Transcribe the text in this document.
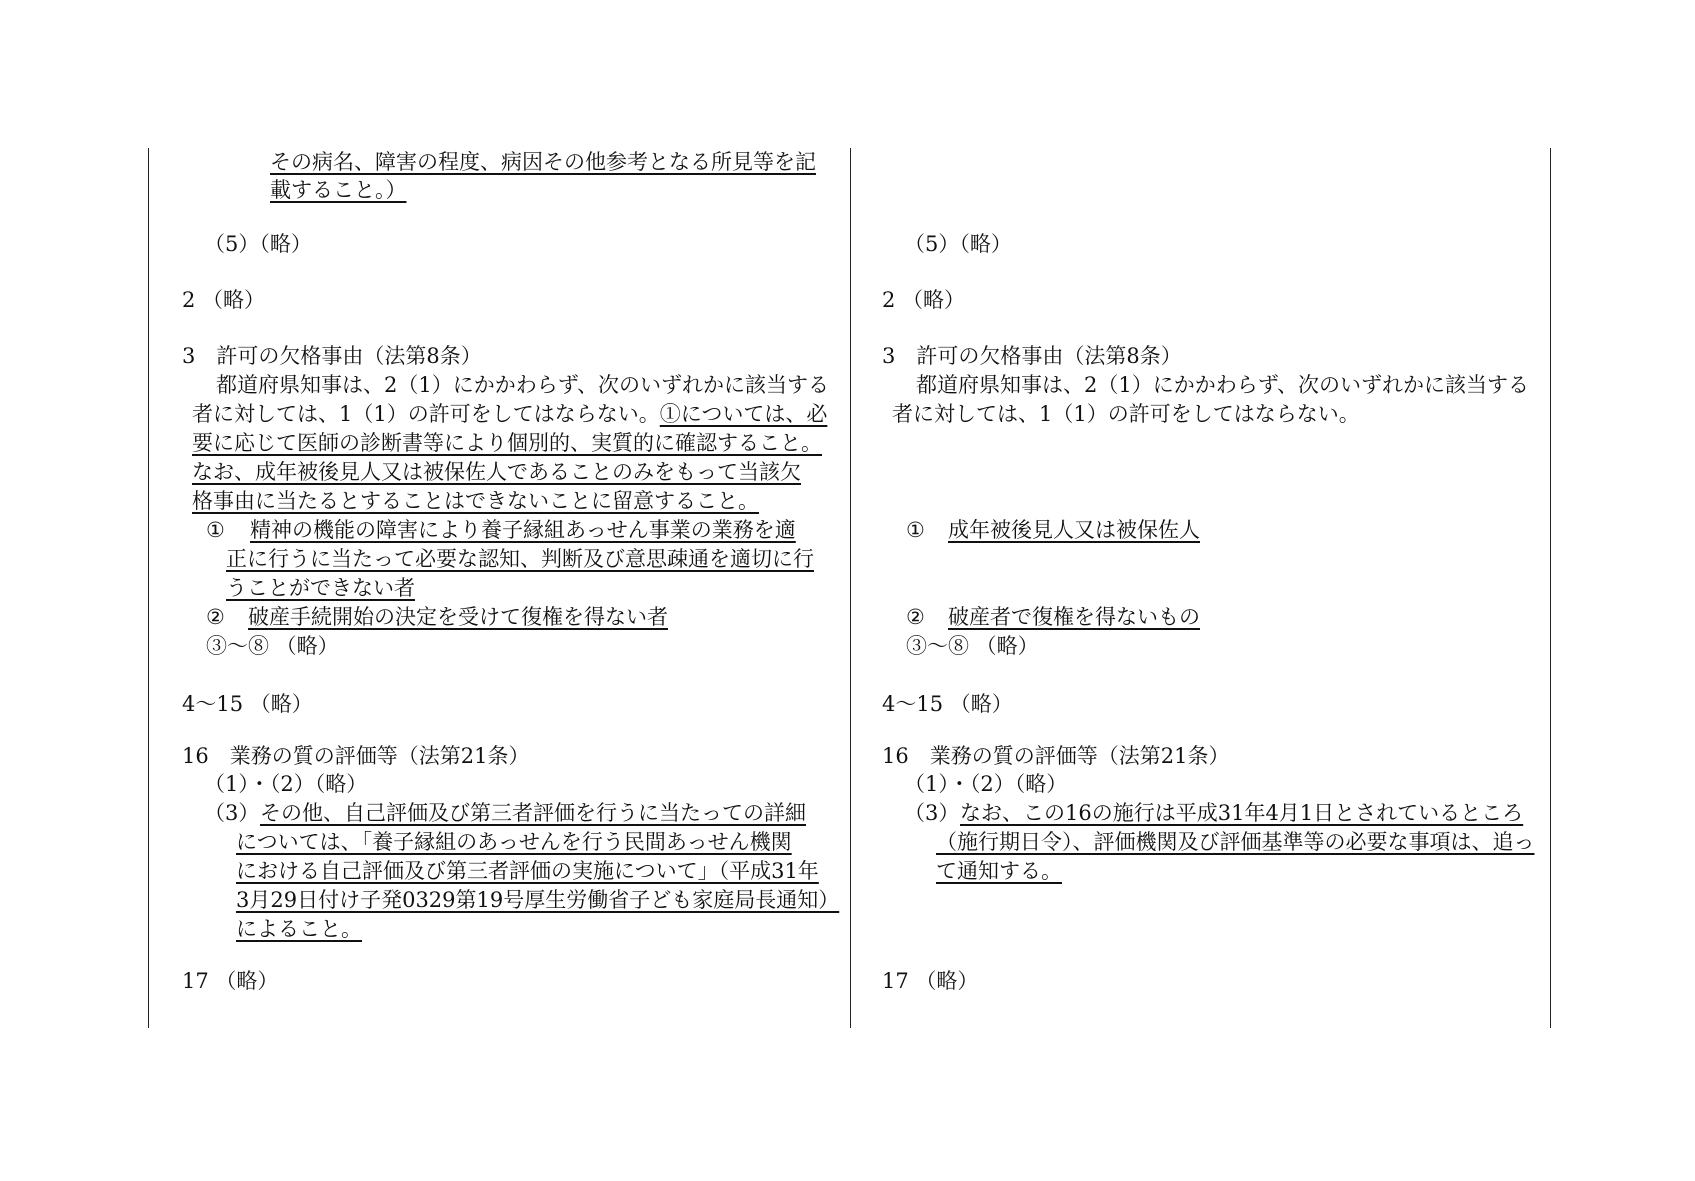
その病名、障害の程度、病因その他参考となる所見等を記
載すること。）
（5）（略）
2 （略）
3　許可の欠格事由（法第8条）
都道府県知事は、2（1）にかかわらず、次のいずれかに該当する
者に対しては、1（1）の許可をしてはならない。①については、必
要に応じて医師の診断書等により個別的、実質的に確認すること。
なお、成年被後見人又は被保佐人であることのみをもって当該欠
格事由に当たるとすることはできないことに留意すること。
① 精神の機能の障害により養子縁組あっせん事業の業務を適
正に行うに当たって必要な認知、判断及び意思疎通を適切に行
うことができない者
② 破産手続開始の決定を受けて復権を得ない者
③～⑧ （略）
4～15 （略）
16　業務の質の評価等（法第21条）
（1）・（2）（略）
（3） その他、自己評価及び第三者評価を行うに当たっての詳細
については、「養子縁組のあっせんを行う民間あっせん機関
における自己評価及び第三者評価の実施について」（平成31年
3月29日付け子発0329第19号厚生労働省子ども家庭局長通知）
によること。
17 （略）
（5）（略）
2 （略）
3　許可の欠格事由（法第8条）
都道府県知事は、2（1）にかかわらず、次のいずれかに該当する
者に対しては、1（1）の許可をしてはならない。
① 成年被後見人又は被保佐人
② 破産者で復権を得ないもの
③～⑧ （略）
4～15 （略）
16　業務の質の評価等（法第21条）
（1）・（2）（略）
（3） なお、この16の施行は平成31年4月1日とされているところ
（施行期日令）、評価機関及び評価基準等の必要な事項は、追っ
て通知する。
17 （略）
